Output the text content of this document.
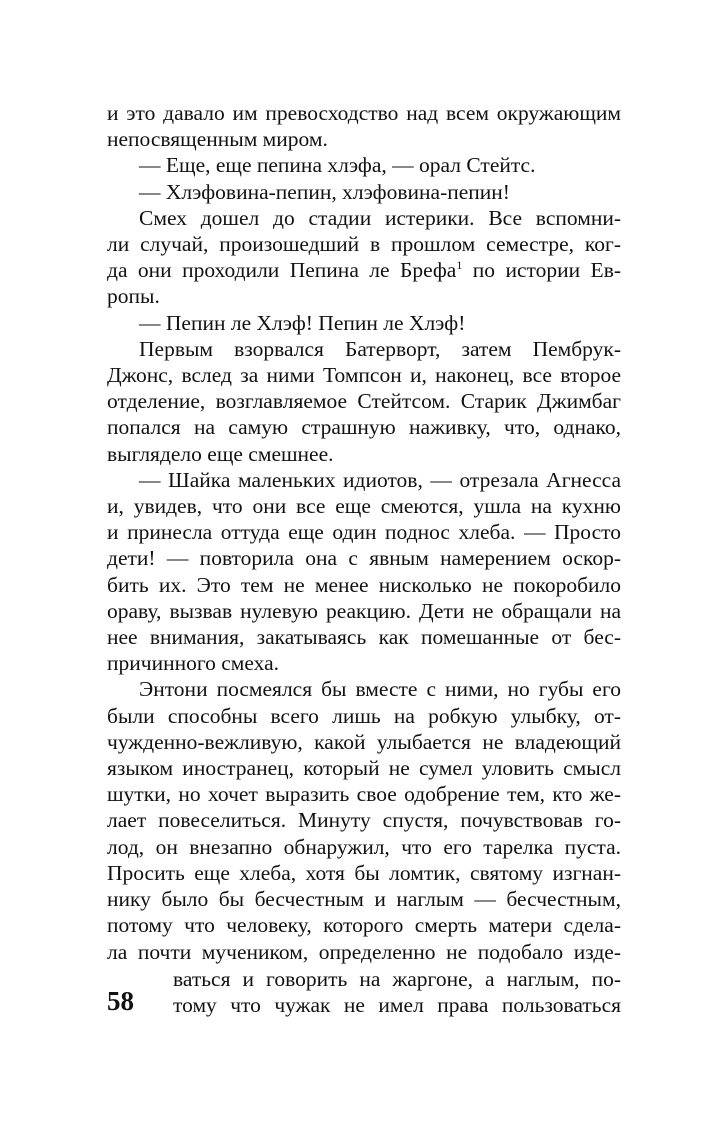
и это давало им превосходство над всем окружающим
непосвященным миром.
— Еще, еще пепина хлэфа, — орал Стейтс.
— Хлэфовина-пепин, хлэфовина-пепин!
Смех дошел до стадии истерики. Все вспомни-
ли случай, произошедший в прошлом семестре, ког-
да они проходили Пепина ле Брефа$^1$ по истории Ев-
ропы.
— Пепин ле Хлэф! Пепин ле Хлэф!
Первым взорвался Батерворт, затем Пембрук-
Джонс, вслед за ними Томпсон и, наконец, все второе
отделение, возглавляемое Стейтсом. Старик Джимбаг
попался на самую страшную наживку, что, однако,
выглядело еще смешнее.
— Шайка маленьких идиотов, — отрезала Агнесса
и, увидев, что они все еще смеются, ушла на кухню
и принесла оттуда еще один поднос хлеба. — Просто
дети! — повторила она с явным намерением оскор-
бить их. Это тем не менее нисколько не покоробило
ораву, вызвав нулевую реакцию. Дети не обращали на
нее внимания, закатываясь как помешанные от бес-
причинного смеха.
Энтони посмеялся бы вместе с ними, но губы его
были способны всего лишь на робкую улыбку, от-
чужденно-вежливую, какой улыбается не владеющий
языком иностранец, который не сумел уловить смысл
шутки, но хочет выразить свое одобрение тем, кто же-
лает повеселиться. Минуту спустя, почувствовав го-
лод, он внезапно обнаружил, что его тарелка пуста.
Просить еще хлеба, хотя бы ломтик, святому изгнан-
нику было бы бесчестным и наглым — бесчестным,
потому что человеку, которого смерть матери сдела-
ла почти мучеником, определенно не подобало изде-
ваться и говорить на жаргоне, а наглым, по-
тому что чужак не имел права пользоваться
58
